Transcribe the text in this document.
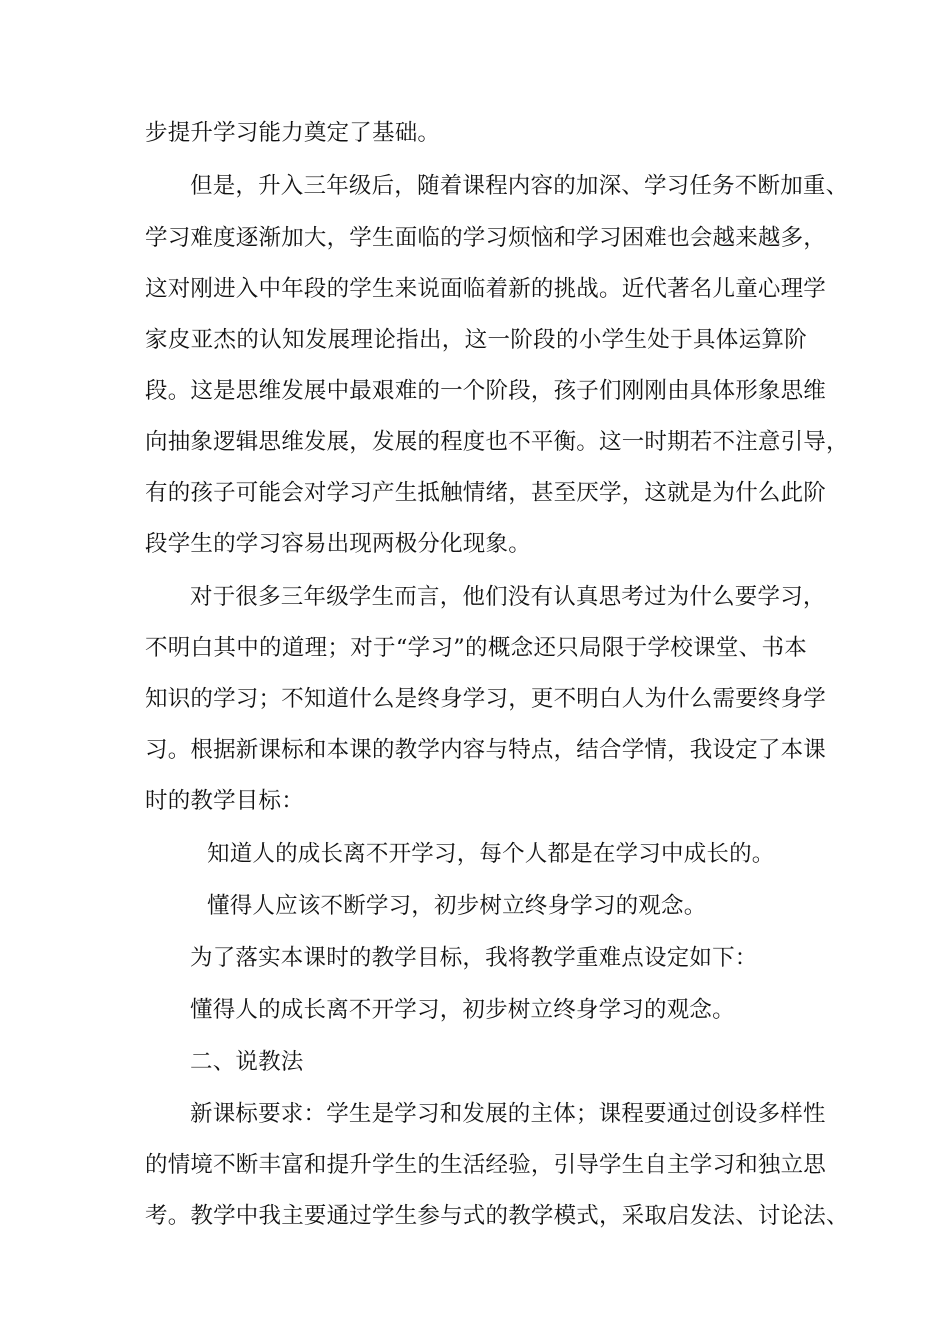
步提升学习能力奠定了基础。
但是，升入三年级后，随着课程内容的加深、学习任务不断加重、
学习难度逐渐加大，学生面临的学习烦恼和学习困难也会越来越多，
这对刚进入中年段的学生来说面临着新的挑战。近代著名儿童心理学
家皮亚杰的认知发展理论指出，这一阶段的小学生处于具体运算阶
段。这是思维发展中最艰难的一个阶段，孩子们刚刚由具体形象思维
向抽象逻辑思维发展，发展的程度也不平衡。这一时期若不注意引导，
有的孩子可能会对学习产生抵触情绪，甚至厌学，这就是为什么此阶
段学生的学习容易出现两极分化现象。
对于很多三年级学生而言，他们没有认真思考过为什么要学习，
不明白其中的道理；对于“学习”的概念还只局限于学校课堂、书本
知识的学习；不知道什么是终身学习，更不明白人为什么需要终身学
习。根据新课标和本课的教学内容与特点，结合学情，我设定了本课
时的教学目标：
知道人的成长离不开学习，每个人都是在学习中成长的。
懂得人应该不断学习，初步树立终身学习的观念。
为了落实本课时的教学目标，我将教学重难点设定如下：
懂得人的成长离不开学习，初步树立终身学习的观念。
二、说教法
新课标要求：学生是学习和发展的主体；课程要通过创设多样性
的情境不断丰富和提升学生的生活经验，引导学生自主学习和独立思
考。教学中我主要通过学生参与式的教学模式，采取启发法、讨论法、
